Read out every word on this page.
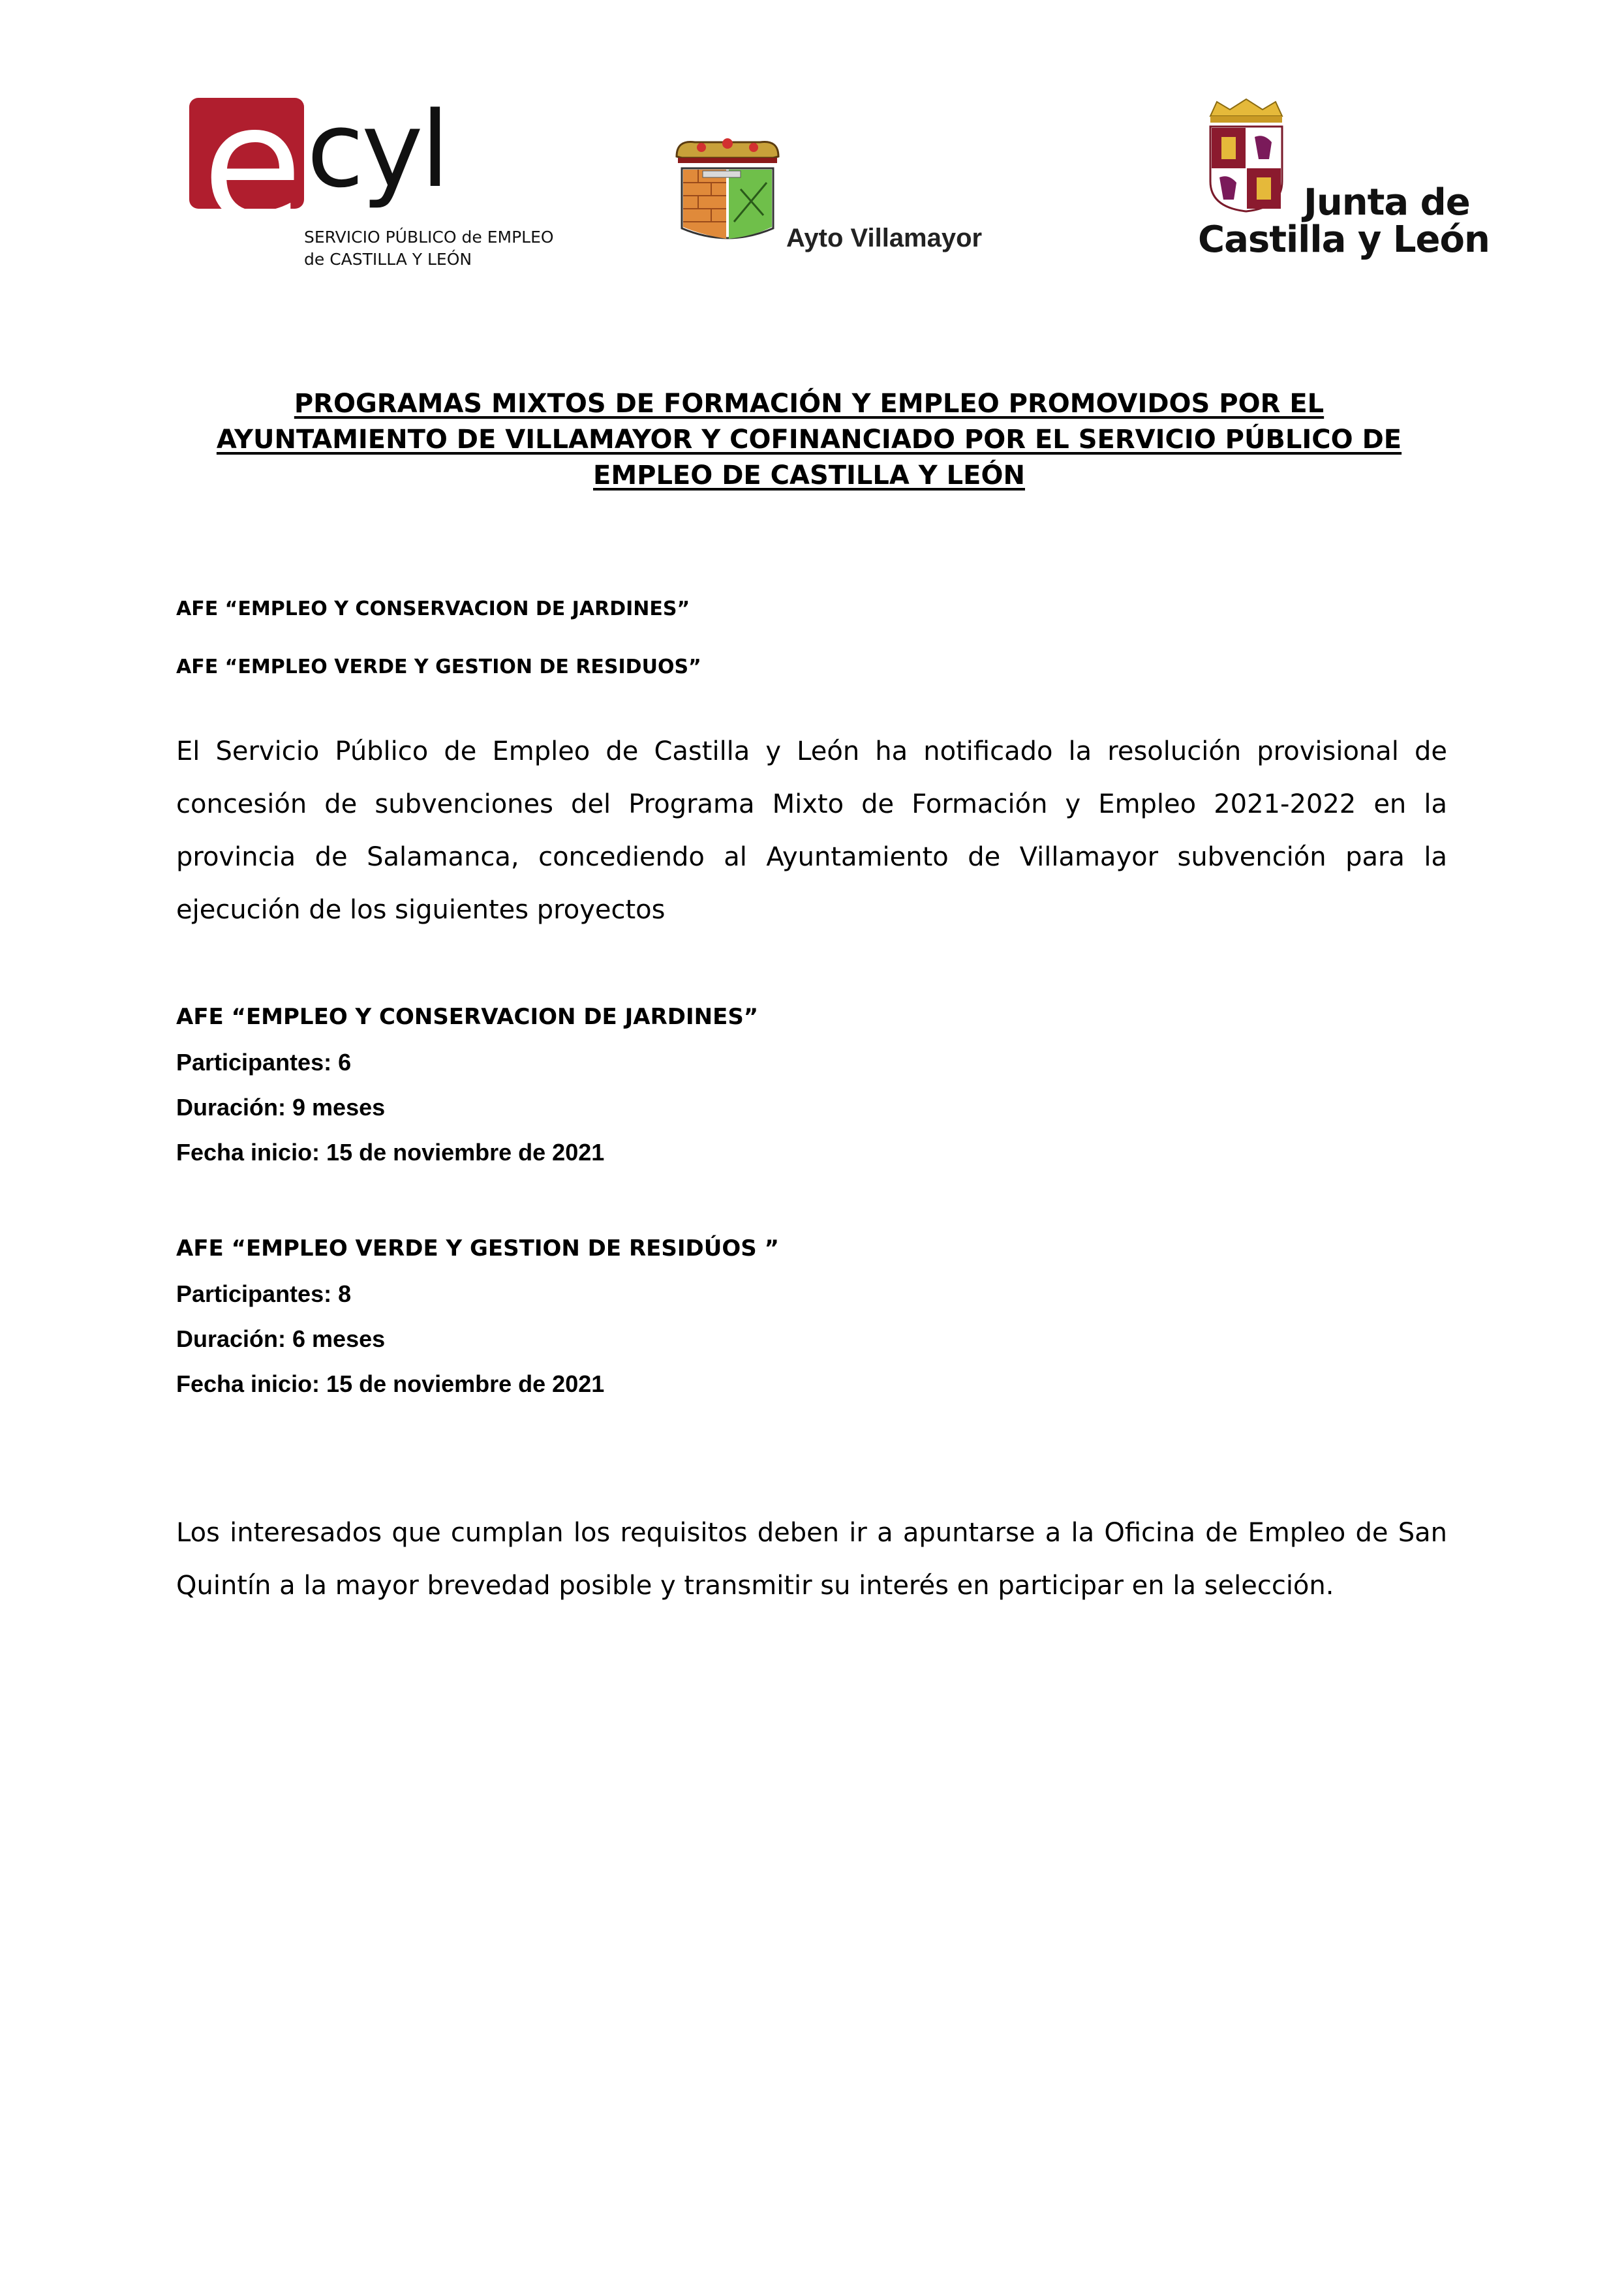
e cyl
SERVICIO PÚBLICO de EMPLEO
de CASTILLA Y LEÓN
Ayto Villamayor
Junta de
Castilla y León
PROGRAMAS MIXTOS DE FORMACIÓN Y EMPLEO PROMOVIDOS POR EL AYUNTAMIENTO DE VILLAMAYOR Y COFINANCIADO POR EL SERVICIO PÚBLICO DE EMPLEO DE CASTILLA Y LEÓN
AFE “EMPLEO Y CONSERVACION DE JARDINES”
AFE “EMPLEO VERDE Y GESTION DE RESIDUOS”
El Servicio Público de Empleo de Castilla y León ha notificado la resolución provisional de concesión de subvenciones del Programa Mixto de Formación y Empleo 2021-2022 en la provincia de Salamanca, concediendo al Ayuntamiento de Villamayor subvención para la ejecución de los siguientes proyectos
AFE “EMPLEO Y CONSERVACION DE JARDINES”
Participantes: 6
Duración: 9 meses
Fecha inicio: 15 de noviembre de 2021
AFE “EMPLEO VERDE Y GESTION DE RESIDÚOS ”
Participantes: 8
Duración: 6 meses
Fecha inicio: 15 de noviembre de 2021
Los interesados que cumplan los requisitos deben ir a apuntarse a la Oficina de Empleo de San Quintín a la mayor brevedad posible y transmitir su interés en participar en la selección.
